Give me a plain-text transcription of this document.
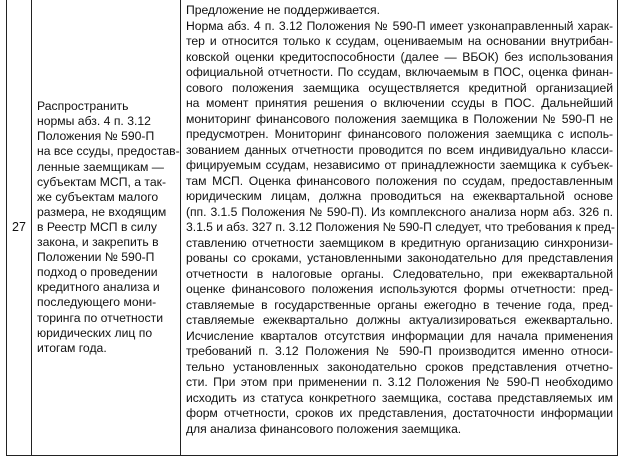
27

Распространить
нормы абз. 4 п. 3.12
Положения № 590-П
на все ссуды, предостав-
ленные заемщикам —
субъектам МСП, а так-
же субъектам малого
размера, не входящим
в Реестр МСП в силу
закона, и закрепить в
Положении № 590-П
подход о проведении
кредитного анализа и
последующего мони-
торинга по отчетности
юридических лиц по
итогам года.

Предложение не поддерживается.
Норма абз. 4 п. 3.12 Положения № 590-П имеет узконаправленный харак-
тер и относится только к ссудам, оцениваемым на основании внутрибан-
ковской оценки кредитоспособности (далее — ВБОК) без использования
официальной отчетности. По ссудам, включаемым в ПОС, оценка финан-
сового положения заемщика осуществляется кредитной организацией
на момент принятия решения о включении ссуды в ПОС. Дальнейший
мониторинг финансового положения заемщика в Положении № 590-П не
предусмотрен. Мониторинг финансового положения заемщика с исполь-
зованием данных отчетности проводится по всем индивидуально класси-
фицируемым ссудам, независимо от принадлежности заемщика к субъек-
там МСП. Оценка финансового положения по ссудам, предоставленным
юридическим лицам, должна проводиться на ежеквартальной основе
(пп. 3.1.5 Положения № 590-П). Из комплексного анализа норм абз. 326 п.
3.1.5 и абз. 327 п. 3.12 Положения № 590-П следует, что требования к пред-
ставлению отчетности заемщиком в кредитную организацию синхронизи-
рованы со сроками, установленными законодательно для представления
отчетности в налоговые органы. Следовательно, при ежеквартальной
оценке финансового положения используются формы отчетности: пред-
ставляемые в государственные органы ежегодно в течение года, пред-
ставляемые ежеквартально должны актуализироваться ежеквартально.
Исчисление кварталов отсутствия информации для начала применения
требований п. 3.12 Положения № 590-П производится именно относи-
тельно установленных законодательно сроков представления отчетно-
сти. При этом при применении п. 3.12 Положения № 590-П необходимо
исходить из статуса конкретного заемщика, состава представляемых им
форм отчетности, сроков их представления, достаточности информации
для анализа финансового положения заемщика.
